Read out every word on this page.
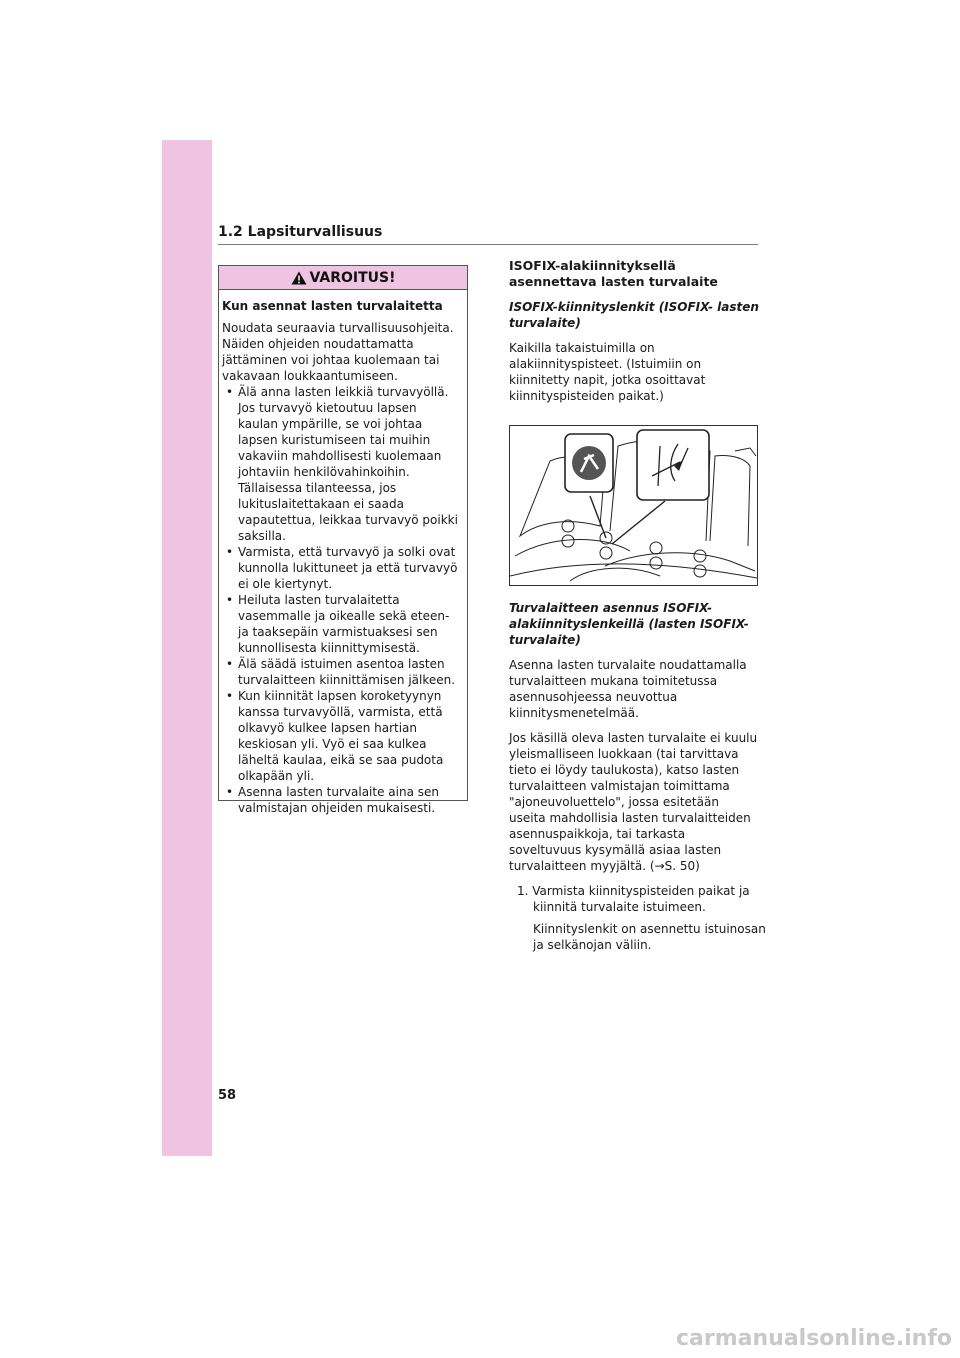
1.2 Lapsiturvallisuus
VAROITUS!

Kun asennat lasten turvalaitetta

Noudata seuraavia turvallisuusohjeita. Näiden ohjeiden noudattamatta jättäminen voi johtaa kuolemaan tai vakavaan loukkaantumiseen.

• Älä anna lasten leikkiä turvavyöllä. Jos turvavyö kietoutuu lapsen kaulan ympärille, se voi johtaa lapsen kuristumiseen tai muihin vakaviin mahdollisesti kuolemaan johtaviin henkilövahinkoihin. Tällaisessa tilanteessa, jos lukituslaitettakaan ei saada vapautettua, leikkaa turvavyö poikki saksilla.
• Varmista, että turvavyö ja solki ovat kunnolla lukittuneet ja että turvavyö ei ole kiertynyt.
• Heiluta lasten turvalaitetta vasemmalle ja oikealle sekä eteen- ja taaksepäin varmistuaksesi sen kunnollisesta kiinnittymisestä.
• Älä säädä istuimen asentoa lasten turvalaitteen kiinnittämisen jälkeen.
• Kun kiinnität lapsen koroketyynyn kanssa turvavyöllä, varmista, että olkavyö kulkee lapsen hartian keskiosan yli. Vyö ei saa kulkea läheltä kaulaa, eikä se saa pudota olkapään yli.
• Asenna lasten turvalaite aina sen valmistajan ohjeiden mukaisesti.

ISOFIX-alakiinnityksellä asennettava lasten turvalaite

ISOFIX-kiinnityslenkit (ISOFIX- lasten turvalaite)

Kaikilla takaistuimilla on alakiinnityspisteet. (Istuimiin on kiinnitetty napit, jotka osoittavat kiinnityspisteiden paikat.)

Turvalaitteen asennus ISOFIX-alakiinnityslenkeillä (lasten ISOFIX-turvalaite)

Asenna lasten turvalaite noudattamalla turvalaitteen mukana toimitetussa asennusohjeessa neuvottua kiinnitysmenetelmää.

Jos käsillä oleva lasten turvalaite ei kuulu yleismalliseen luokkaan (tai tarvittava tieto ei löydy taulukosta), katso lasten turvalaitteen valmistajan toimittama "ajoneuvoluettelo", jossa esitetään useita mahdollisia lasten turvalaitteiden asennuspaikkoja, tai tarkasta soveltuvuus kysymällä asiaa lasten turvalaitteen myyjältä. (→S. 50)

1. Varmista kiinnityspisteiden paikat ja kiinnitä turvalaite istuimeen.

Kiinnityslenkit on asennettu istuinosan ja selkänojan väliin.

58
carmanualsonline.info
